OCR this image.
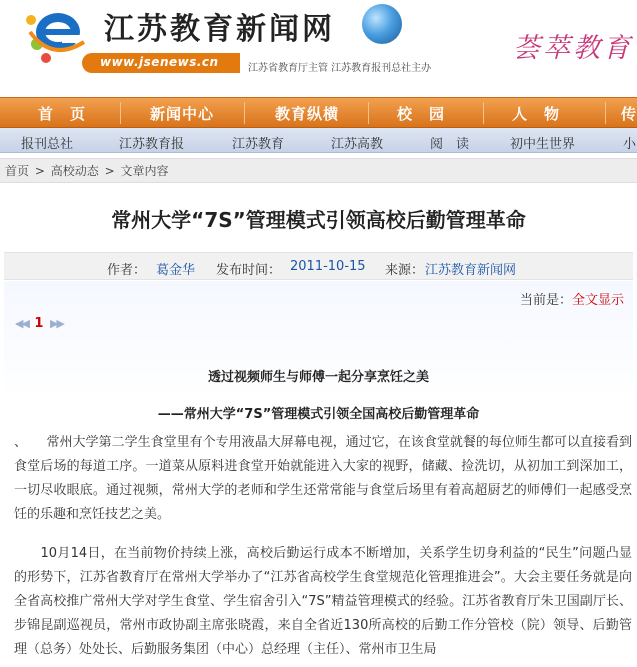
江苏教育新闻网
www.jsenews.cn	江苏省教育厅主管 江苏教育报刊总社主办
荟萃教育
首　页	新闻中心	教育纵横	校　园	人　物	传
报刊总社	江苏教育报	江苏教育	江苏高教	阅　读	初中生世界	小
首页 > 高校动态 > 文章内容
常州大学“7S”管理模式引领高校后勤管理革命
作者： 葛金华 发布时间： 2011-10-15 来源： 江苏教育新闻网
当前是：全文显示
◀◀ 1 ▶▶
透过视频师生与师傅一起分享烹饪之美
——常州大学“7S”管理模式引领全国高校后勤管理革命
、　　常州大学第二学生食堂里有个专用液晶大屏幕电视，通过它，在该食堂就餐的每位师生都可以直接看到食堂后场的每道工序。一道菜从原料进食堂开始就能进入大家的视野，储藏、捡洗切，从初加工到深加工，一切尽收眼底。通过视频，常州大学的老师和学生还常常能与食堂后场里有着高超厨艺的师傅们一起感受烹饪的乐趣和烹饪技艺之美。
　　10月14日，在当前物价持续上涨，高校后勤运行成本不断增加，关系学生切身利益的“民生”问题凸显的形势下，江苏省教育厅在常州大学举办了“江苏省高校学生食堂规范化管理推进会”。大会主要任务就是向全省高校推广常州大学对学生食堂、学生宿舍引入“7S”精益管理模式的经验。江苏省教育厅朱卫国副厅长、步锦昆副巡视员，常州市政协副主席张晓霞，来自全省近130所高校的后勤工作分管校（院）领导、后勤管理（总务）处处长、后勤服务集团（中心）总经理（主任）、常州市卫生局
